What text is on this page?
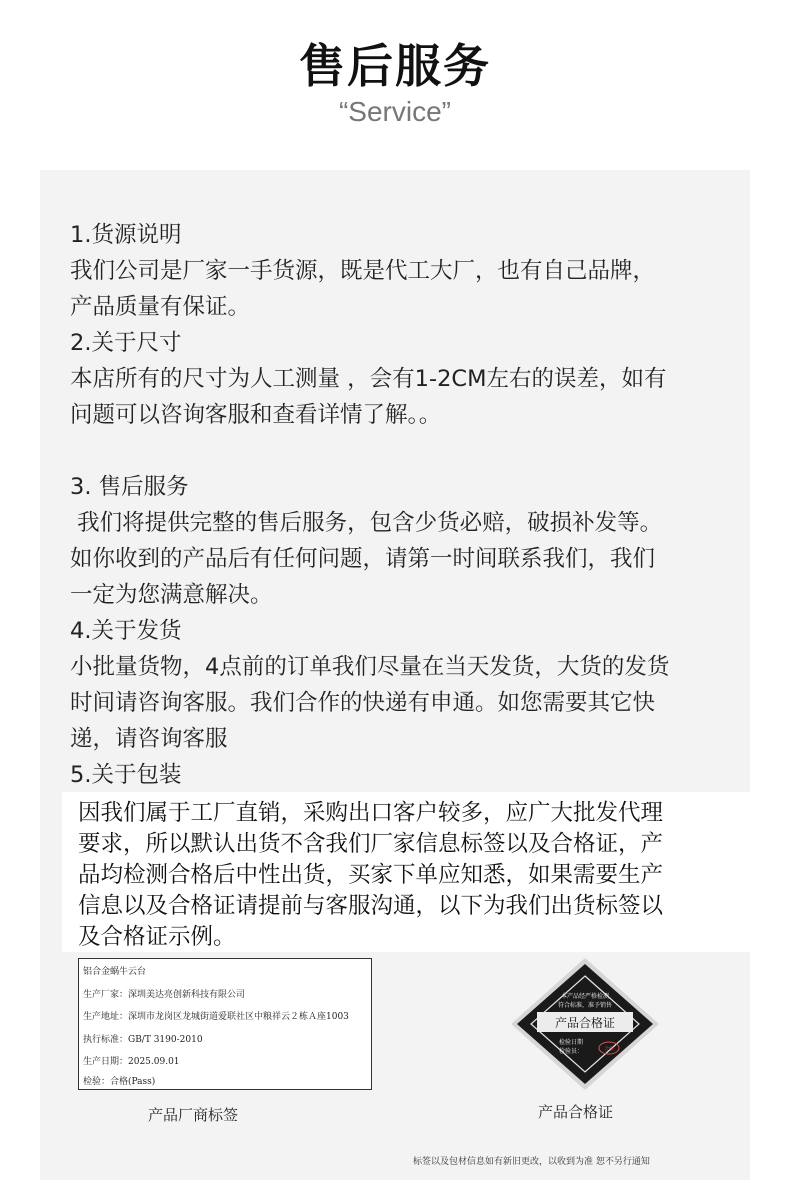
售后服务
“Service”

1.货源说明

我们公司是厂家一手货源，既是代工大厂，也有自己品牌，

产品质量有保证。

2.关于尺寸

本店所有的尺寸为人工测量 ，会有1-2CM左右的误差，如有

问题可以咨询客服和查看详情了解。。

3. 售后服务

我们将提供完整的售后服务，包含少货必赔，破损补发等。

如你收到的产品后有任何问题，请第一时间联系我们，我们

一定为您满意解决。

4.关于发货

小批量货物，4点前的订单我们尽量在当天发货，大货的发货

时间请咨询客服。我们合作的快递有申通。如您需要其它快

递，请咨询客服

5.关于包装

因我们属于工厂直销，采购出口客户较多，应广大批发代理

要求，所以默认出货不含我们厂家信息标签以及合格证，产

品均检测合格后中性出货，买家下单应知悉，如果需要生产

信息以及合格证请提前与客服沟通，以下为我们出货标签以

及合格证示例。

铝合金蜗牛云台
生产厂家：深圳美达亮创新科技有限公司
生产地址：深圳市龙岗区龙城街道爱联社区中粮祥云２栋Ａ座1003
执行标准：GB/T 3190-2010
生产日期：2025.09.01
检验：合格(Pass)
产品厂商标签
本产品经严格检测
符合标准，准予销售
产品合格证
检验日期
检验员：	合格
产品合格证
标签以及包材信息如有新旧更改，以收到为准 恕不另行通知
